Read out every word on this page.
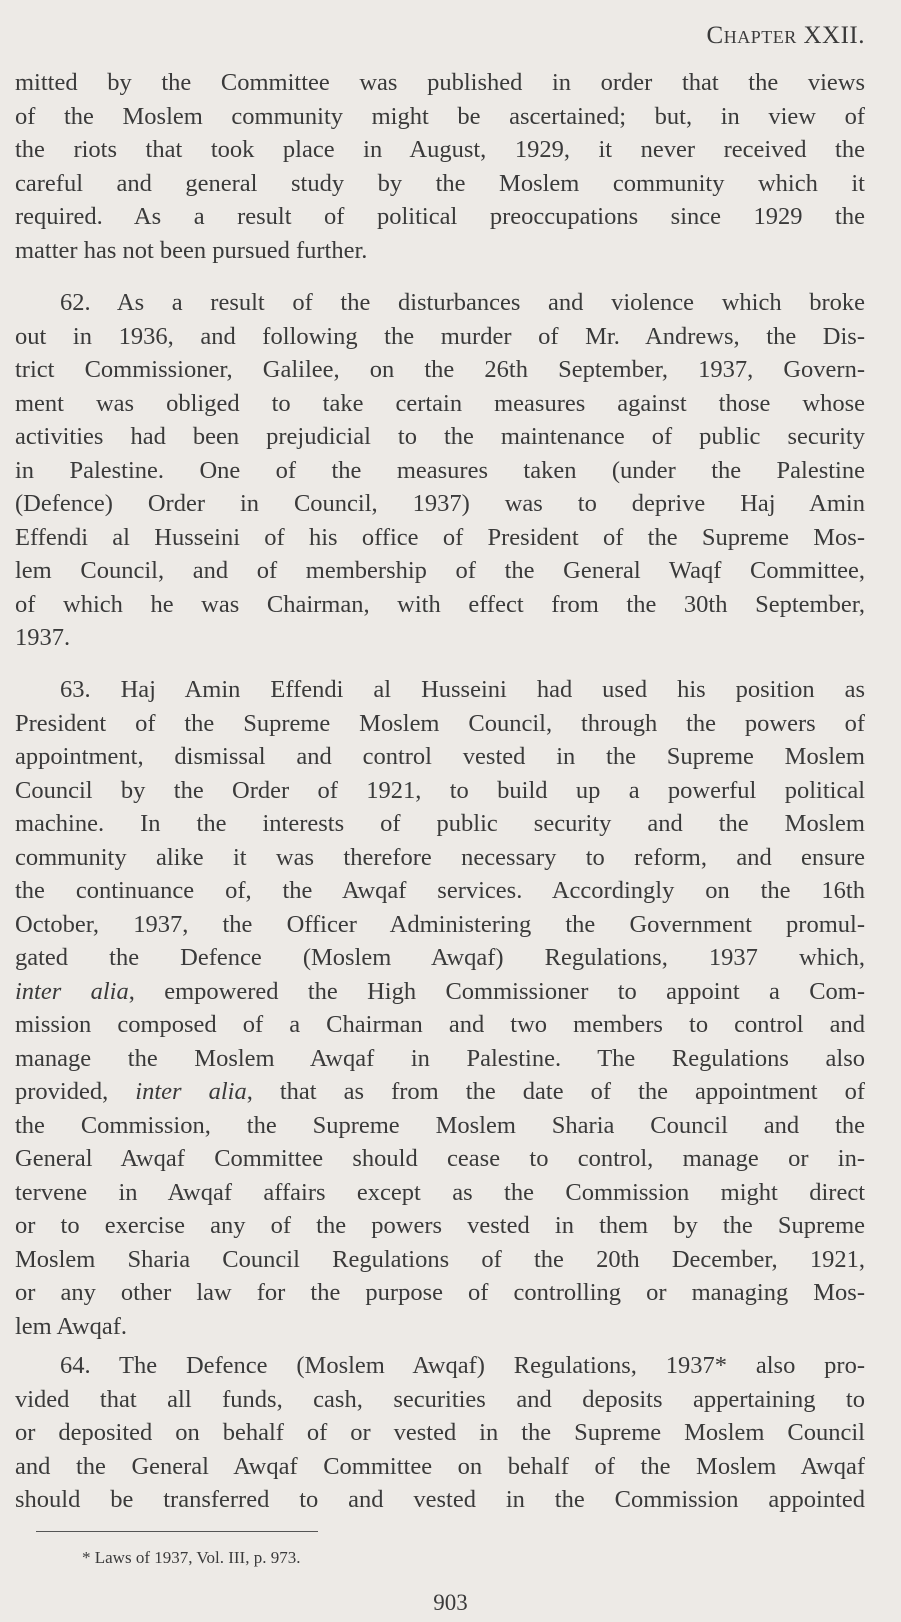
Chapter XXII.
mitted by the Committee was published in order that the views
of the Moslem community might be ascertained; but, in view of
the riots that took place in August, 1929, it never received the
careful and general study by the Moslem community which it
required. As a result of political preoccupations since 1929 the
matter has not been pursued further.
62. As a result of the disturbances and violence which broke
out in 1936, and following the murder of Mr. Andrews, the Dis-
trict Commissioner, Galilee, on the 26th September, 1937, Govern-
ment was obliged to take certain measures against those whose
activities had been prejudicial to the maintenance of public security
in Palestine. One of the measures taken (under the Palestine
(Defence) Order in Council, 1937) was to deprive Haj Amin
Effendi al Husseini of his office of President of the Supreme Mos-
lem Council, and of membership of the General Waqf Committee,
of which he was Chairman, with effect from the 30th September,
1937.
63. Haj Amin Effendi al Husseini had used his position as
President of the Supreme Moslem Council, through the powers of
appointment, dismissal and control vested in the Supreme Moslem
Council by the Order of 1921, to build up a powerful political
machine. In the interests of public security and the Moslem
community alike it was therefore necessary to reform, and ensure
the continuance of, the Awqaf services. Accordingly on the 16th
October, 1937, the Officer Administering the Government promul-
gated the Defence (Moslem Awqaf) Regulations, 1937 which,
inter alia, empowered the High Commissioner to appoint a Com-
mission composed of a Chairman and two members to control and
manage the Moslem Awqaf in Palestine. The Regulations also
provided, inter alia, that as from the date of the appointment of
the Commission, the Supreme Moslem Sharia Council and the
General Awqaf Committee should cease to control, manage or in-
tervene in Awqaf affairs except as the Commission might direct
or to exercise any of the powers vested in them by the Supreme
Moslem Sharia Council Regulations of the 20th December, 1921,
or any other law for the purpose of controlling or managing Mos-
lem Awqaf.
64. The Defence (Moslem Awqaf) Regulations, 1937* also pro-
vided that all funds, cash, securities and deposits appertaining to
or deposited on behalf of or vested in the Supreme Moslem Council
and the General Awqaf Committee on behalf of the Moslem Awqaf
should be transferred to and vested in the Commission appointed
* Laws of 1937, Vol. III, p. 973.
903
